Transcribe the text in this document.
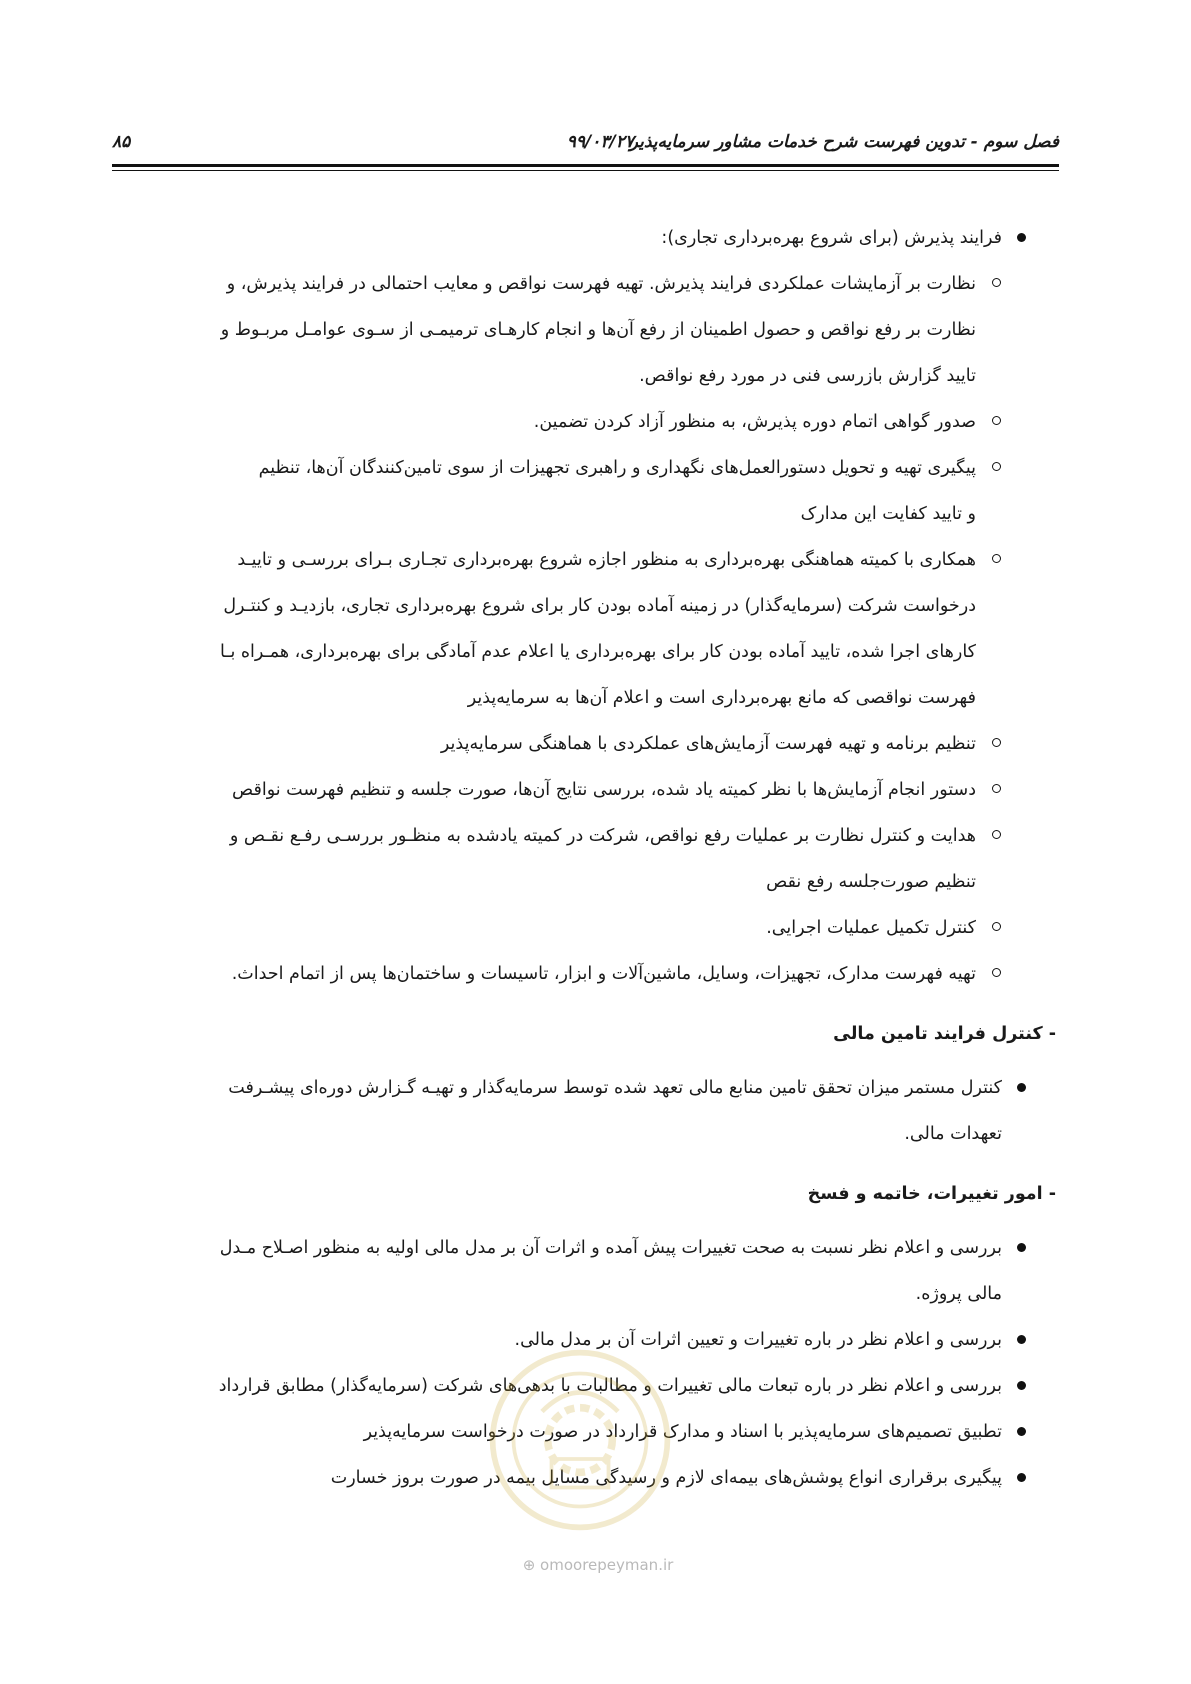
فصل سوم - تدوین فهرست شرح خدمات مشاور سرمایه‌پذیر
۹۹/۰۳/۲۷
۸۵
فرایند پذیرش (برای شروع بهره‌برداری تجاری):
نظارت بر آزمایشات عملکردی فرایند پذیرش. تهیه فهرست نواقص و معایب احتمالی در فرایند پذیرش، و
نظارت بر رفع نواقص و حصول اطمینان از رفع آن‌ها و انجام کارهـای ترمیمـی از سـوی عوامـل مربـوط و
تایید گزارش بازرسی فنی در مورد رفع نواقص.
صدور گواهی اتمام دوره پذیرش، به منظور آزاد کردن تضمین.
پیگیری تهیه و تحویل دستورالعمل‌های نگهداری و راهبری تجهیزات از سوی تامین‌کنندگان آن‌ها، تنظیم
و تایید کفایت این مدارک
همکاری با کمیته هماهنگی بهره‌برداری به منظور اجازه شروع بهره‌برداری تجـاری بـرای بررسـی و تاییـد
درخواست شرکت (سرمایه‌گذار) در زمینه آماده بودن کار برای شروع بهره‌برداری تجاری، بازدیـد و کنتـرل
کارهای اجرا شده، تایید آماده بودن کار برای بهره‌برداری یا اعلام عدم آمادگی برای بهره‌برداری، همـراه بـا
فهرست نواقصی که مانع بهره‌برداری است و اعلام آن‌ها به سرمایه‌پذیر
تنظیم برنامه و تهیه فهرست آزمایش‌های عملکردی با هماهنگی سرمایه‌پذیر
دستور انجام آزمایش‌ها با نظر کمیته یاد شده، بررسی نتایج آن‌ها، صورت جلسه و تنظیم فهرست نواقص
هدایت و کنترل نظارت بر عملیات رفع نواقص، شرکت در کمیته یادشده به منظـور بررسـی رفـع نقـص و
تنظیم صورت‌جلسه رفع نقص
کنترل تکمیل عملیات اجرایی.
تهیه فهرست مدارک، تجهیزات، وسایل، ماشین‌آلات و ابزار، تاسیسات و ساختمان‌ها پس از اتمام احداث.
- کنترل فرایند تامین مالی
کنترل مستمر میزان تحقق تامین منابع مالی تعهد شده توسط سرمایه‌گذار و تهیـه گـزارش دوره‌ای پیشـرفت
تعهدات مالی.
- امور تغییرات، خاتمه و فسخ
بررسی و اعلام نظر نسبت به صحت تغییرات پیش آمده و اثرات آن بر مدل مالی اولیه به منظور اصـلاح مـدل
مالی پروژه.
بررسی و اعلام نظر در باره تغییرات و تعیین اثرات آن بر مدل مالی.
بررسی و اعلام نظر در باره تبعات مالی تغییرات و مطالبات با بدهی‌های شرکت (سرمایه‌گذار) مطابق قرارداد
تطبیق تصمیم‌های سرمایه‌پذیر با اسناد و مدارک قرارداد در صورت درخواست سرمایه‌پذیر
پیگیری برقراری انواع پوشش‌های بیمه‌ای لازم و رسیدگی مسایل بیمه در صورت بروز خسارت
⊕ omoorepeyman.ir
